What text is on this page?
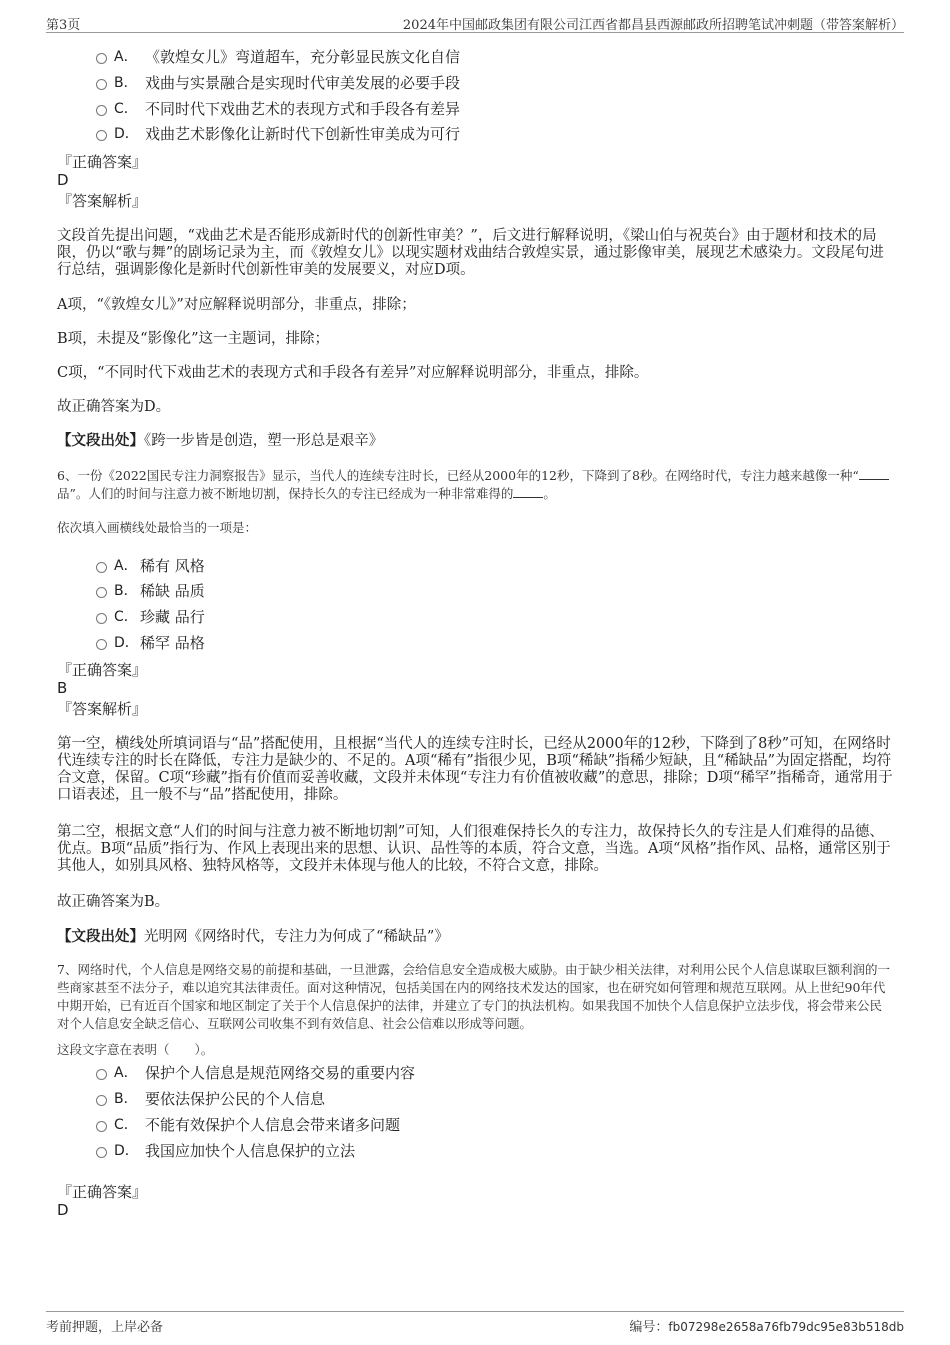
第3页	2024年中国邮政集团有限公司江西省都昌县西源邮政所招聘笔试冲刺题（带答案解析）
A． 《敦煌女儿》弯道超车，充分彰显民族文化自信
B． 戏曲与实景融合是实现时代审美发展的必要手段
C． 不同时代下戏曲艺术的表现方式和手段各有差异
D． 戏曲艺术影像化让新时代下创新性审美成为可行
『正确答案』
D
『答案解析』
文段首先提出问题，“戏曲艺术是否能形成新时代的创新性审美？”，后文进行解释说明，《梁山伯与祝英台》由于题材和技术的局限，仍以“歌与舞”的剧场记录为主，而《敦煌女儿》以现实题材戏曲结合敦煌实景，通过影像审美，展现艺术感染力。文段尾句进行总结，强调影像化是新时代创新性审美的发展要义，对应D项。
A项，“《敦煌女儿》”对应解释说明部分，非重点，排除；
B项，未提及“影像化”这一主题词，排除；
C项，“不同时代下戏曲艺术的表现方式和手段各有差异”对应解释说明部分，非重点，排除。
故正确答案为D。
【文段出处】《跨一步皆是创造，塑一形总是艰辛》
6、一份《2022国民专注力洞察报告》显示，当代人的连续专注时长，已经从2000年的12秒，下降到了8秒。在网络时代，专注力越来越像一种“品”。人们的时间与注意力被不断地切割，保持长久的专注已经成为一种非常难得的 。
依次填入画横线处最恰当的一项是：
A． 稀有 风格
B． 稀缺 品质
C． 珍藏 品行
D． 稀罕 品格
『正确答案』
B
『答案解析』
第一空，横线处所填词语与“品”搭配使用，且根据“当代人的连续专注时长，已经从2000年的12秒，下降到了8秒”可知，在网络时代连续专注的时长在降低，专注力是缺少的、不足的。A项“稀有”指很少见，B项“稀缺”指稀少短缺，且“稀缺品”为固定搭配，均符合文意，保留。C项“珍藏”指有价值而妥善收藏，文段并未体现“专注力有价值被收藏”的意思，排除；D项“稀罕”指稀奇，通常用于口语表述，且一般不与“品”搭配使用，排除。
第二空，根据文意“人们的时间与注意力被不断地切割”可知，人们很难保持长久的专注力，故保持长久的专注是人们难得的品德、优点。B项“品质”指行为、作风上表现出来的思想、认识、品性等的本质，符合文意，当选。A项“风格”指作风、品格，通常区别于其他人，如别具风格、独特风格等，文段并未体现与他人的比较，不符合文意，排除。
故正确答案为B。
【文段出处】光明网《网络时代，专注力为何成了“稀缺品”》
7、网络时代，个人信息是网络交易的前提和基础，一旦泄露，会给信息安全造成极大威胁。由于缺少相关法律，对利用公民个人信息谋取巨额利润的一些商家甚至不法分子，难以追究其法律责任。面对这种情况，包括美国在内的网络技术发达的国家，也在研究如何管理和规范互联网。从上世纪90年代中期开始，已有近百个国家和地区制定了关于个人信息保护的法律，并建立了专门的执法机构。如果我国不加快个人信息保护立法步伐，将会带来公民对个人信息安全缺乏信心、互联网公司收集不到有效信息、社会公信难以形成等问题。
这段文字意在表明（　　）。
A． 保护个人信息是规范网络交易的重要内容
B． 要依法保护公民的个人信息
C． 不能有效保护个人信息会带来诸多问题
D． 我国应加快个人信息保护的立法
『正确答案』
D
考前押题，上岸必备	编号：fb07298e2658a76fb79dc95e83b518db
